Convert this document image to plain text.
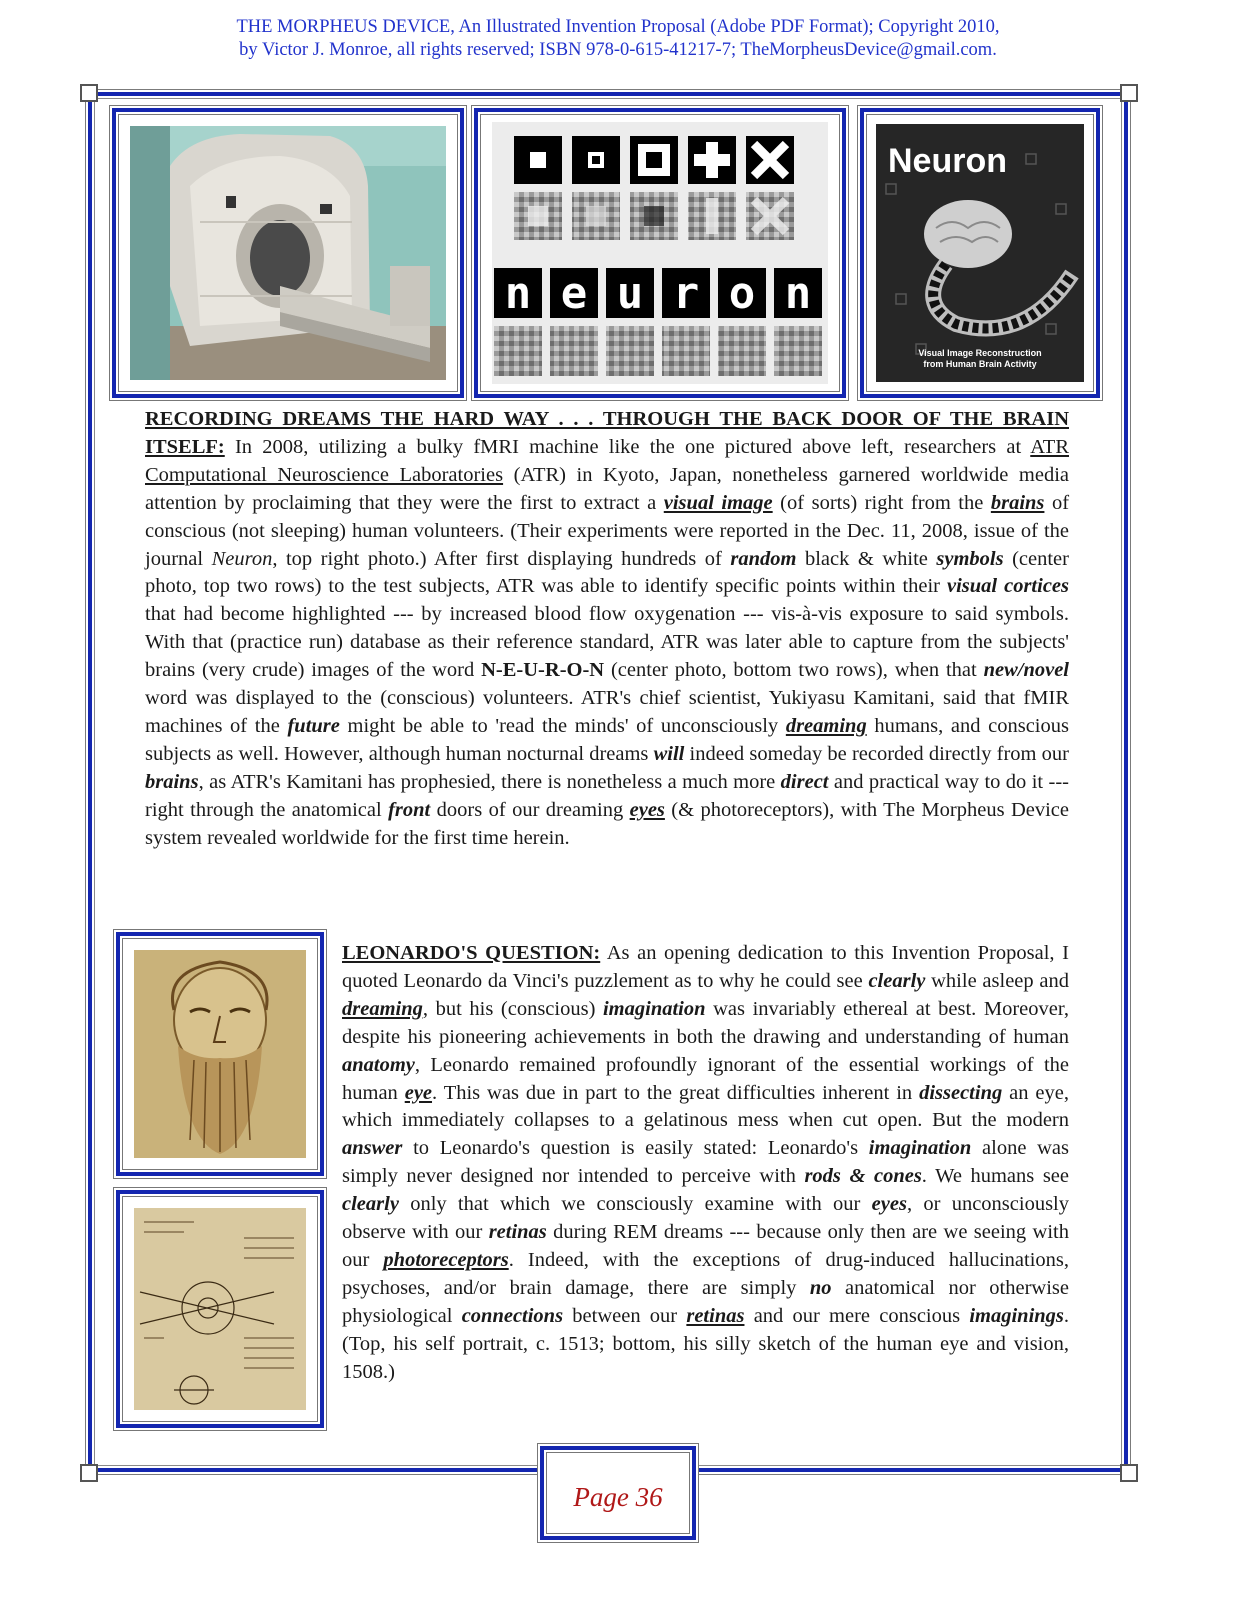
THE MORPHEUS DEVICE, An Illustrated Invention Proposal (Adobe PDF Format); Copyright 2010,
by Victor J. Monroe, all rights reserved; ISBN 978-0-615-41217-7; TheMorpheusDevice@gmail.com.
n e u r o n
Neuron
Visual Image Reconstruction
from Human Brain Activity

RECORDING DREAMS THE HARD WAY . . . THROUGH THE BACK DOOR OF THE BRAIN ITSELF: In 2008, utilizing a bulky fMRI machine like the one pictured above left, researchers at ATR Computational Neuroscience Laboratories (ATR) in Kyoto, Japan, nonetheless garnered worldwide media attention by proclaiming that they were the first to extract a visual image (of sorts) right from the brains of conscious (not sleeping) human volunteers. (Their experiments were reported in the Dec. 11, 2008, issue of the journal Neuron, top right photo.) After first displaying hundreds of random black & white symbols (center photo, top two rows) to the test subjects, ATR was able to identify specific points within their visual cortices that had become highlighted --- by increased blood flow oxygenation --- vis-à-vis exposure to said symbols. With that (practice run) database as their reference standard, ATR was later able to capture from the subjects' brains (very crude) images of the word N-E-U-R-O-N (center photo, bottom two rows), when that new/novel word was displayed to the (conscious) volunteers. ATR's chief scientist, Yukiyasu Kamitani, said that fMIR machines of the future might be able to 'read the minds' of unconsciously dreaming humans, and conscious subjects as well. However, although human nocturnal dreams will indeed someday be recorded directly from our brains, as ATR's Kamitani has prophesied, there is nonetheless a much more direct and practical way to do it --- right through the anatomical front doors of our dreaming eyes (& photoreceptors), with The Morpheus Device system revealed worldwide for the first time herein.

LEONARDO'S QUESTION: As an opening dedication to this Invention Proposal, I quoted Leonardo da Vinci's puzzlement as to why he could see clearly while asleep and dreaming, but his (conscious) imagination was invariably ethereal at best. Moreover, despite his pioneering achievements in both the drawing and understanding of human anatomy, Leonardo remained profoundly ignorant of the essential workings of the human eye. This was due in part to the great difficulties inherent in dissecting an eye, which immediately collapses to a gelatinous mess when cut open. But the modern answer to Leonardo's question is easily stated: Leonardo's imagination alone was simply never designed nor intended to perceive with rods & cones. We humans see clearly only that which we consciously examine with our eyes, or unconsciously observe with our retinas during REM dreams --- because only then are we seeing with our photoreceptors. Indeed, with the exceptions of drug-induced hallucinations, psychoses, and/or brain damage, there are simply no anatomical nor otherwise physiological connections between our retinas and our mere conscious imaginings. (Top, his self portrait, c. 1513; bottom, his silly sketch of the human eye and vision, 1508.)

Page 36
